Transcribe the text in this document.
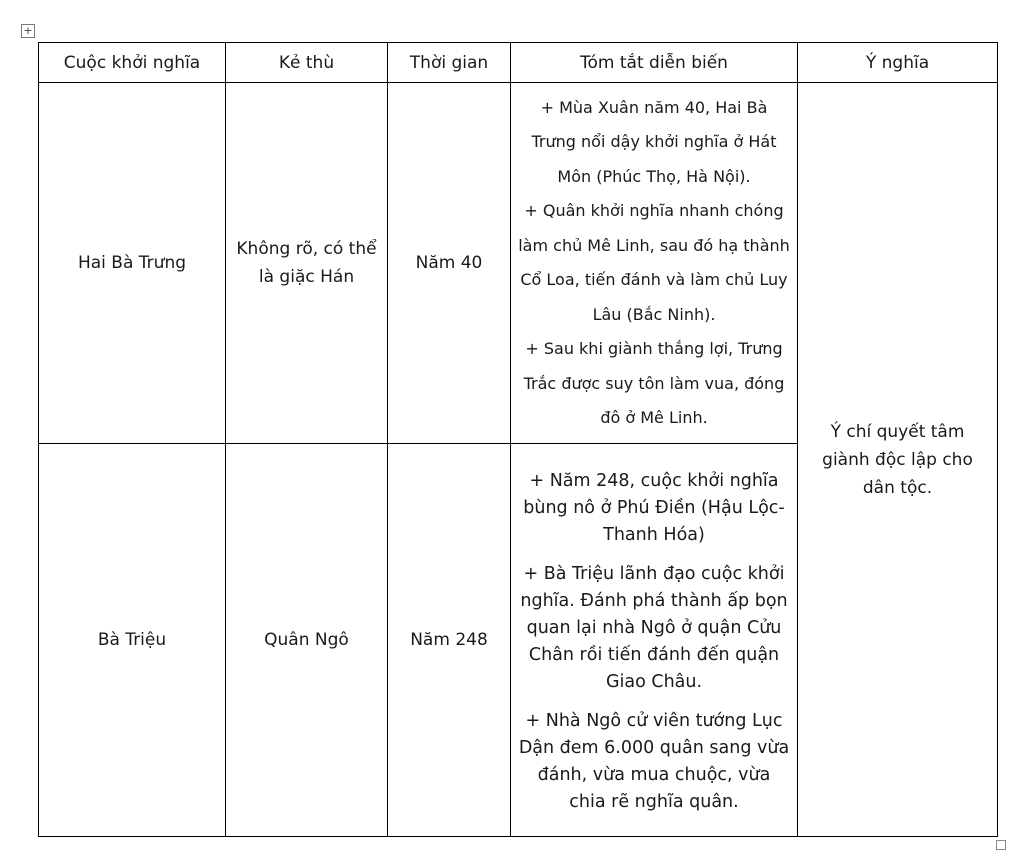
+
Cuộc khởi nghĩa	Kẻ thù	Thời gian	Tóm tắt diễn biến	Ý nghĩa
Hai Bà Trưng	Không rõ, có thể là giặc Hán	Năm 40	+ Mùa Xuân năm 40, Hai Bà Trưng nổi dậy khởi nghĩa ở Hát Môn (Phúc Thọ, Hà Nội).

+ Quân khởi nghĩa nhanh chóng làm chủ Mê Linh, sau đó hạ thành Cổ Loa, tiến đánh và làm chủ Luy Lâu (Bắc Ninh).

+ Sau khi giành thắng lợi, Trưng Trắc được suy tôn làm vua, đóng đô ở Mê Linh.	Ý chí quyết tâm giành độc lập cho dân tộc.
Bà Triệu	Quân Ngô	Năm 248	+ Năm 248, cuộc khởi nghĩa bùng nô ở Phú Điền (Hậu Lộc-Thanh Hóa)

+ Bà Triệu lãnh đạo cuộc khởi nghĩa. Đánh phá thành ấp bọn quan lại nhà Ngô ở quận Cửu Chân rồi tiến đánh đến quận Giao Châu.

+ Nhà Ngô cử viên tướng Lục Dận đem 6.000 quân sang vừa đánh, vừa mua chuộc, vừa chia rẽ nghĩa quân.	
